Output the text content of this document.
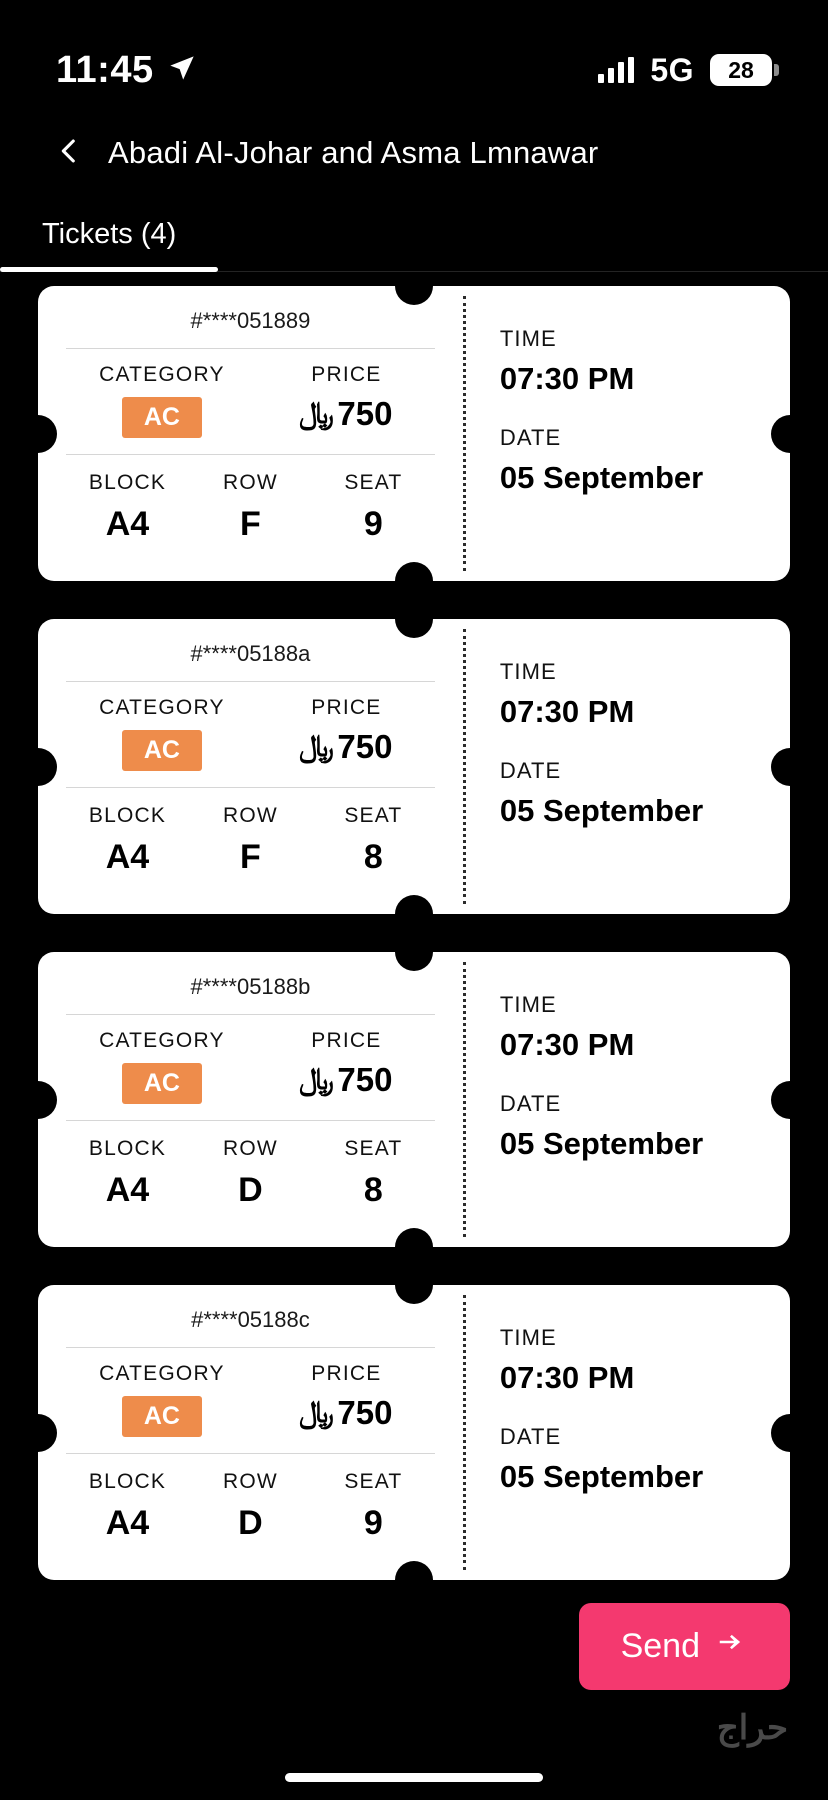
11:45	5G 28
Abadi Al-Johar and Asma Lmnawar
Tickets (4)
#****051889
CATEGORY
AC
PRICE
﷼ 750
BLOCK
A4
ROW
F
SEAT
9
TIME
07:30 PM
DATE
05 September
#****05188a
CATEGORY
AC
PRICE
﷼ 750
BLOCK
A4
ROW
F
SEAT
8
TIME
07:30 PM
DATE
05 September
#****05188b
CATEGORY
AC
PRICE
﷼ 750
BLOCK
A4
ROW
D
SEAT
8
TIME
07:30 PM
DATE
05 September
#****05188c
CATEGORY
AC
PRICE
﷼ 750
BLOCK
A4
ROW
D
SEAT
9
TIME
07:30 PM
DATE
05 September
Send
حراج
